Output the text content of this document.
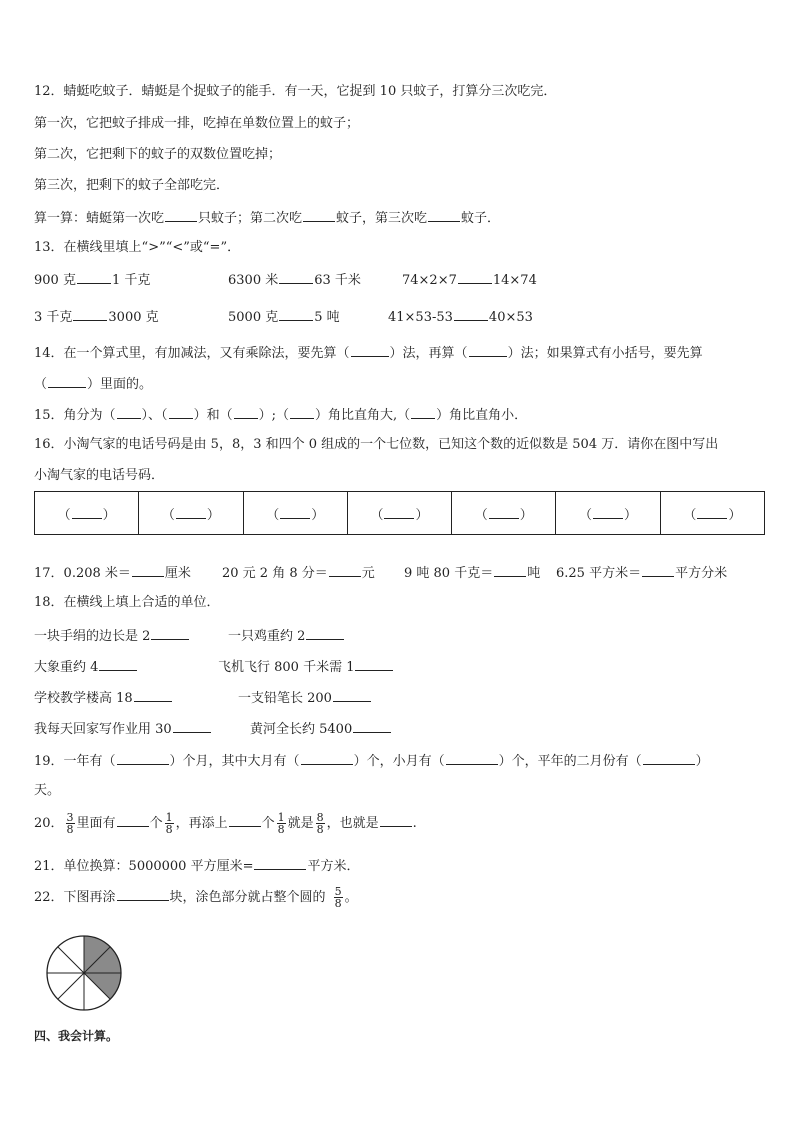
12．蜻蜓吃蚊子．蜻蜓是个捉蚊子的能手．有一天，它捉到 10 只蚊子，打算分三次吃完．
第一次，它把蚊子排成一排，吃掉在单数位置上的蚊子；
第二次，它把剩下的蚊子的双数位置吃掉；
第三次，把剩下的蚊子全部吃完．
算一算：蜻蜓第一次吃	只蚊子；第二次吃	蚊子，第三次吃	蚊子．
13．在横线里填上“>”“<”或“=”．
900 克	1 千克	6300 米	63 千米	74×2×7	14×74
3 千克	3000 克	5000 克	5 吨	41×53-53	40×53
14．在一个算式里，有加减法，又有乘除法，要先算（	）法，再算（	）法；如果算式有小括号，要先算
（	）里面的。
15．角分为（ ）、（ ）和（ ）;（ ）角比直角大,（ ）角比直角小．
16．小淘气家的电话号码是由 5，8，3 和四个 0 组成的一个七位数，已知这个数的近似数是 504 万．请你在图中写出
小淘气家的电话号码．
（ ）	（ ）	（ ）	（ ）	（ ）	（ ）	（ ）
17．0.208 米＝	厘米 20 元 2 角 8 分＝	元 9 吨 80 千克＝	吨 6.25 平方米＝	平方分米
18．在横线上填上合适的单位．
一块手绢的边长是 2	一只鸡重约 2
大象重约 4	飞机飞行 800 千米需 1
学校教学楼高 18	一支铅笔长 200
我每天回家写作业用 30	黄河全长约 5400
19．一年有（	）个月，其中大月有（	）个，小月有（	）个，平年的二月份有（	）
天。
20． $\frac{3}{8}$ 里面有	个 $\frac{1}{8}$ ，再添上	个 $\frac{1}{8}$ 就是 $\frac{8}{8}$ ，也就是	.
21．单位换算：5000000 平方厘米=	平方米．
22．下图再涂	块，涂色部分就占整个圆的 $\frac{5}{8}$ 。
四、我会计算。
